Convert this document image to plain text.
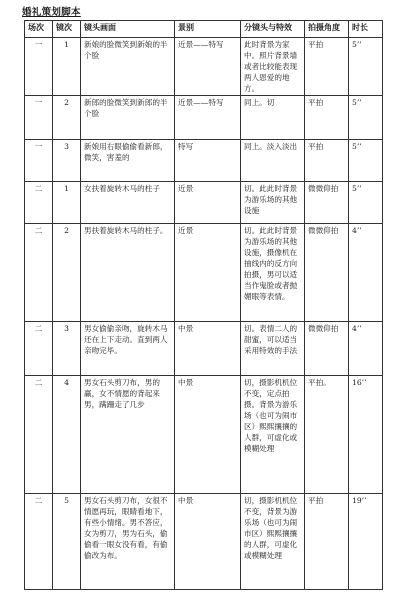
婚礼策划脚本
场次	镜次	镜头画面	景别	分镜头与特效	拍摄角度	时长
一	1	新娘的脸微笑到新娘的半个脸	近景——特写	此时背景为家中。照片背景墙或者比较能表现两人恩爱的地方。	平拍	5’’
一	2	新郎的脸微笑到新郎的半个脸	近景——特写	同上。切	平拍	5’’
一	3	新娘用右眼偷偷看新郎，微笑，害羞的	特写	同上。淡入淡出	平拍	5’’
二	1	女扶着旋转木马的柱子	近景	切。此此时背景为游乐场的其他设施	微微仰拍	5’’
二	2	男扶着旋转木马的柱子。	近景	切。此此时背景为游乐场的其他设施，摄像机在抽线内的反方向拍摄，男可以适当作鬼脸或者抛媚眼等表情。	微微仰拍	4’’
二	3	男女偷偷亲吻，旋转木马还在上下走动。直到两人亲吻完毕。	中景	切。表情二人的甜蜜，可以适当采用特效的手法	微微仰拍	4’’
二	4	男女石头剪刀布，男的赢，女不情愿的背起来男，蹒跚走了几步	中景	切，摄影机机位不变，定点拍摄。背景为游乐场（也可为闹市区）熙熙攘攘的人群，可虚化或模糊处理	平拍。	16’’
二	5	男女石头剪刀布，女很不情愿再玩，眼睛看地下，有些小情绪。男不答应，女为剪刀，男为石头，偷偷看一眼女没有看，有偷偷改为布。	中景	切，摄影机机位不变，背景为游乐场（也可为闹市区）熙熙攘攘的人群，可虚化或模糊处理	平拍	19’’
